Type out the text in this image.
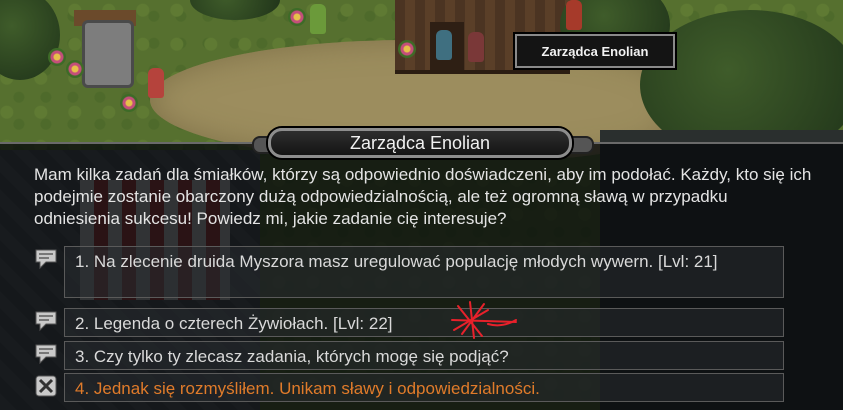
Zarządca Enolian
Zarządca Enolian
Mam kilka zadań dla śmiałków, którzy są odpowiednio doświadczeni, aby im podołać. Każdy, kto się ich podejmie zostanie obarczony dużą odpowiedzialnością, ale też ogromną sławą w przypadku odniesienia sukcesu! Powiedz mi, jakie zadanie cię interesuje?
1. Na zlecenie druida Myszora masz uregulować populację młodych wywern. [Lvl: 21]
2. Legenda o czterech Żywiołach. [Lvl: 22]
3. Czy tylko ty zlecasz zadania, których mogę się podjąć?
4. Jednak się rozmyśliłem. Unikam sławy i odpowiedzialności.
